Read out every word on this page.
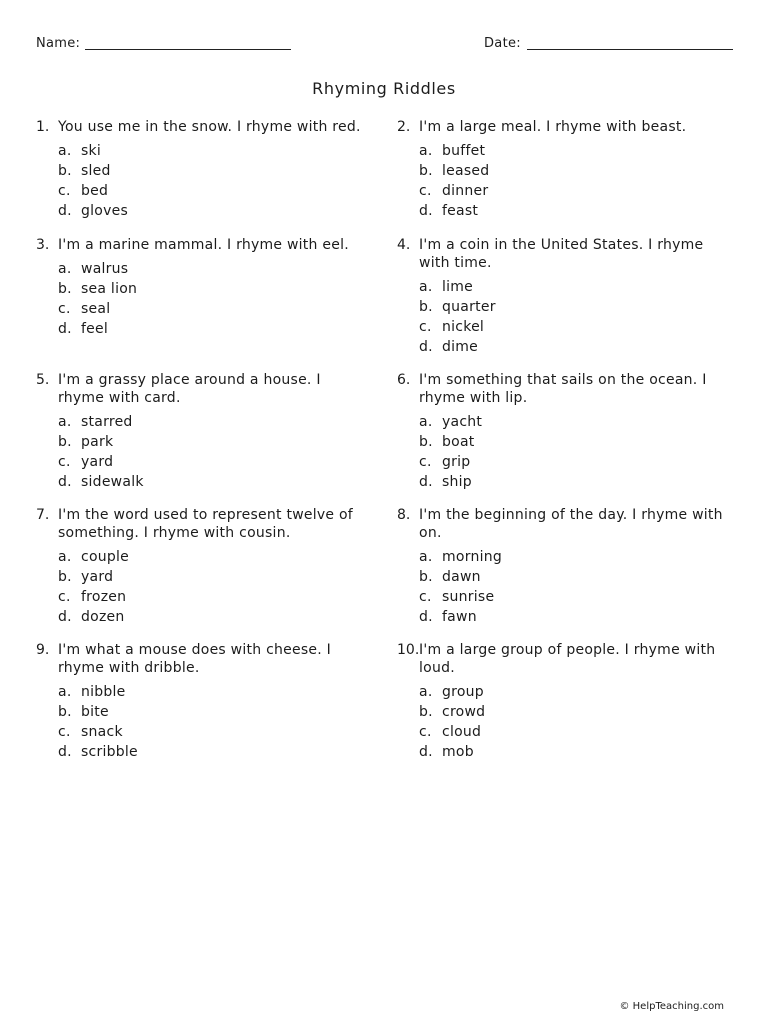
Name:	Date:
Rhyming Riddles
1. You use me in the snow. I rhyme with red.
a. ski
b. sled
c. bed
d. gloves
2. I'm a large meal. I rhyme with beast.
a. buffet
b. leased
c. dinner
d. feast
3. I'm a marine mammal. I rhyme with eel.
a. walrus
b. sea lion
c. seal
d. feel
4. I'm a coin in the United States. I rhyme
with time.
a. lime
b. quarter
c. nickel
d. dime
5. I'm a grassy place around a house. I
rhyme with card.
a. starred
b. park
c. yard
d. sidewalk
6. I'm something that sails on the ocean. I
rhyme with lip.
a. yacht
b. boat
c. grip
d. ship
7. I'm the word used to represent twelve of
something. I rhyme with cousin.
a. couple
b. yard
c. frozen
d. dozen
8. I'm the beginning of the day. I rhyme with
on.
a. morning
b. dawn
c. sunrise
d. fawn
9. I'm what a mouse does with cheese. I
rhyme with dribble.
a. nibble
b. bite
c. snack
d. scribble
10. I'm a large group of people. I rhyme with
loud.
a. group
b. crowd
c. cloud
d. mob
© HelpTeaching.com
